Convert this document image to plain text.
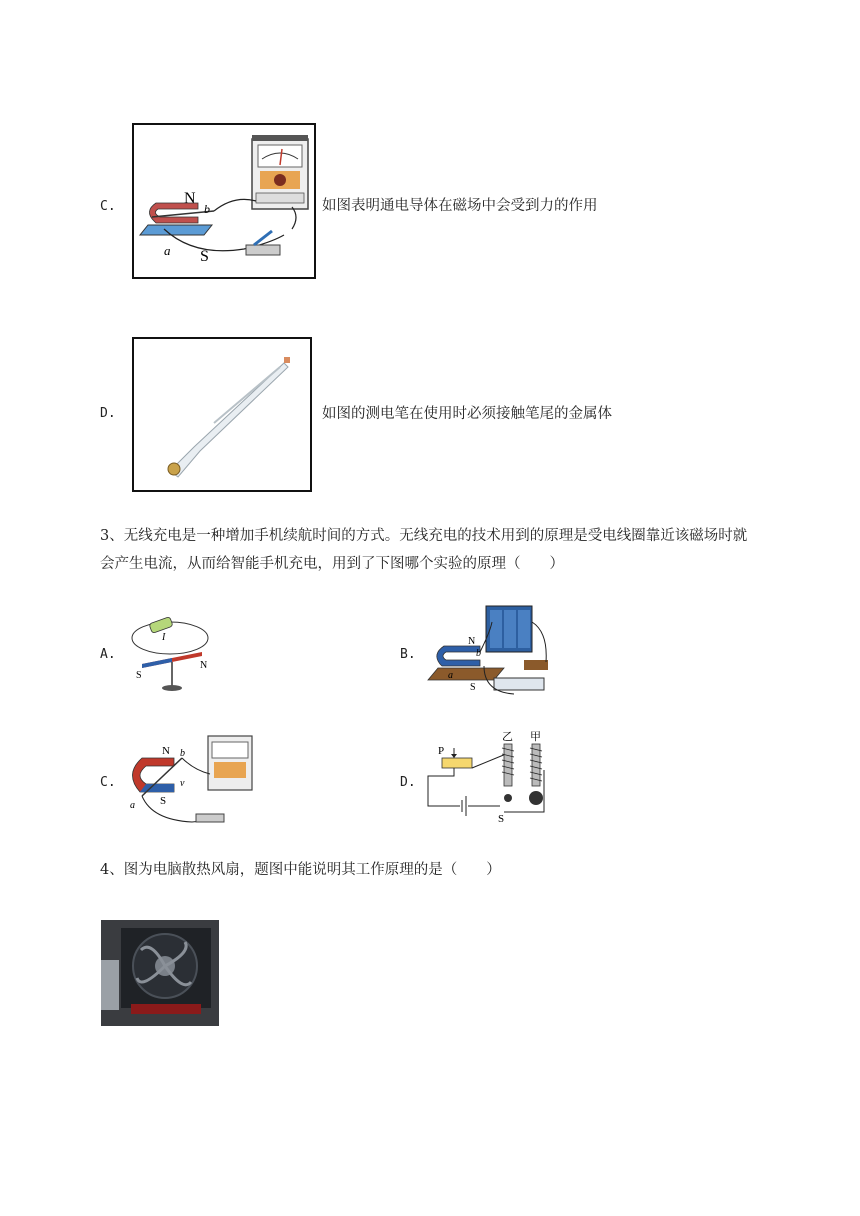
C.	N
b
a S
如图表明通电导体在磁场中会受到力的作用
D.	如图的测电笔在使用时必须接触笔尾的金属体
3、无线充电是一种增加手机续航时间的方式。无线充电的技术用到的原理是受电线圈靠近该磁场时就
会产生电流，从而给智能手机充电，用到了下图哪个实验的原理（　　）
A.
S
N
I
B.
N
b
a
S
C.
N b
v
a S
D.
P
乙 甲
S
4、图为电脑散热风扇，题图中能说明其工作原理的是（　　）
